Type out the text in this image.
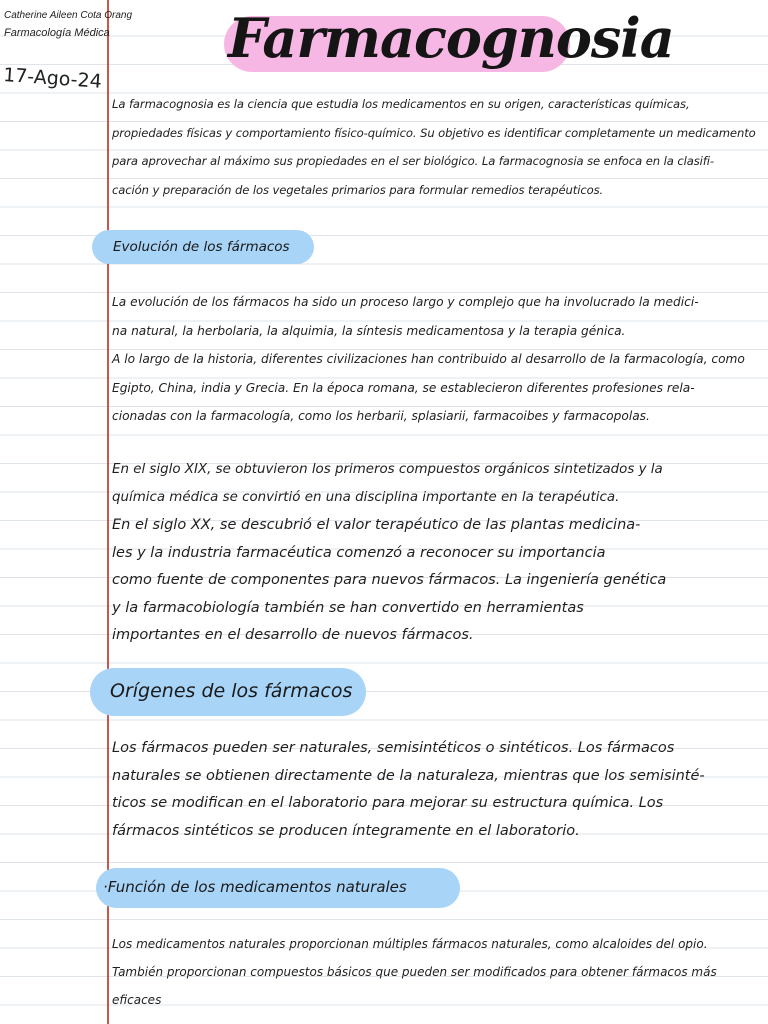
Catherine Aileen Cota Orang
Farmacología Médica
17-Ago-24
Farmacognosia

La farmacognosia es la ciencia que estudia los medicamentos en su origen, características químicas,
propiedades físicas y comportamiento físico-químico. Su objetivo es identificar completamente un medicamento
para aprovechar al máximo sus propiedades en el ser biológico. La farmacognosia se enfoca en la clasifi-
cación y preparación de los vegetales primarios para formular remedios terapéuticos.

Evolución de los fármacos

La evolución de los fármacos ha sido un proceso largo y complejo que ha involucrado la medici-
na natural, la herbolaria, la alquimia, la síntesis medicamentosa y la terapia génica.
A lo largo de la historia, diferentes civilizaciones han contribuido al desarrollo de la farmacología, como
Egipto, China, india y Grecia. En la época romana, se establecieron diferentes profesiones rela-
cionadas con la farmacología, como los herbarii, splasiarii, farmacoibes y farmacopolas.

En el siglo XIX, se obtuvieron los primeros compuestos orgánicos sintetizados y la
química médica se convirtió en una disciplina importante en la terapéutica.

En el siglo XX, se descubrió el valor terapéutico de las plantas medicina-
les y la industria farmacéutica comenzó a reconocer su importancia
como fuente de componentes para nuevos fármacos. La ingeniería genética
y la farmacobiología también se han convertido en herramientas
importantes en el desarrollo de nuevos fármacos.

Orígenes de los fármacos

Los fármacos pueden ser naturales, semisintéticos o sintéticos. Los fármacos
naturales se obtienen directamente de la naturaleza, mientras que los semisinté-
ticos se modifican en el laboratorio para mejorar su estructura química. Los
fármacos sintéticos se producen íntegramente en el laboratorio.

·Función de los medicamentos naturales

Los medicamentos naturales proporcionan múltiples fármacos naturales, como alcaloides del opio.
También proporcionan compuestos básicos que pueden ser modificados para obtener fármacos más eficaces
